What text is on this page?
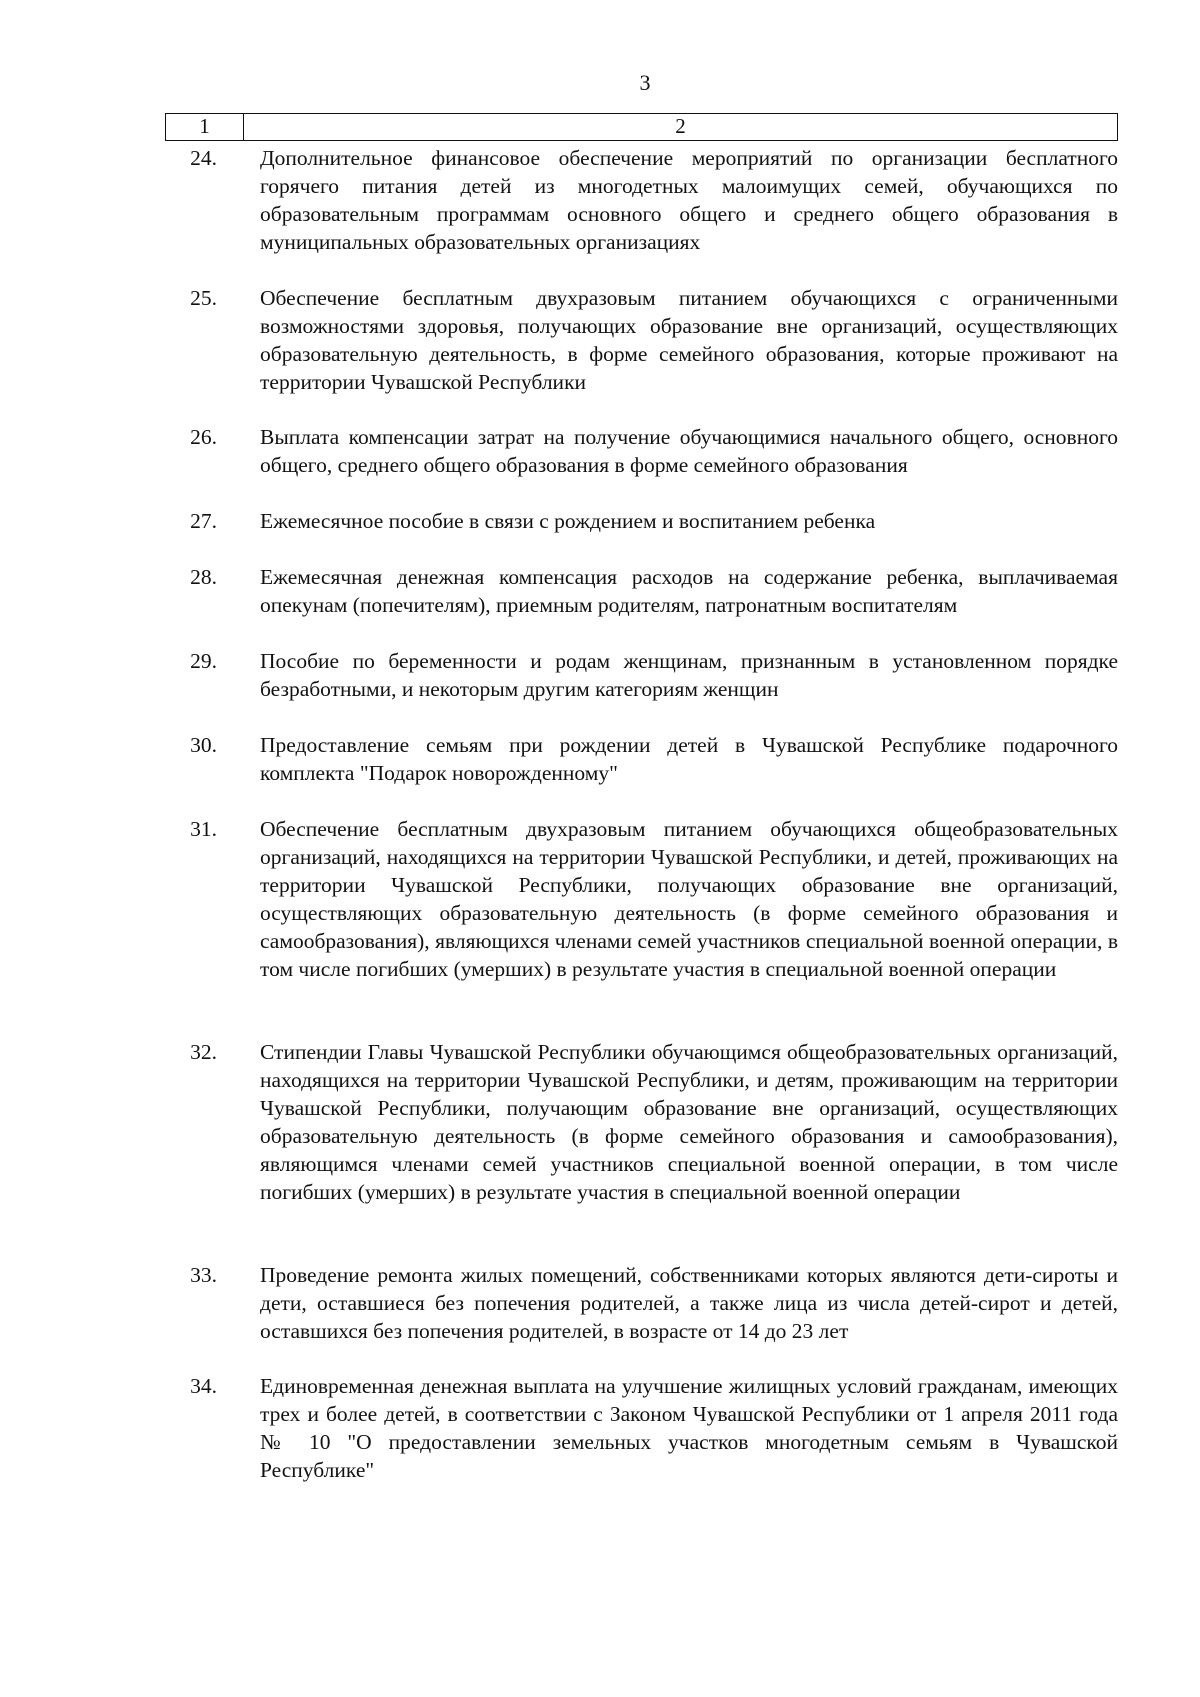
3
1	2
24.	Дополнительное финансовое обеспечение мероприятий по организации бесплатного горячего питания детей из многодетных малоимущих семей, обучающихся по образовательным программам основного общего и среднего общего образования в муниципальных образовательных организациях
25.	Обеспечение бесплатным двухразовым питанием обучающихся с ограниченными возможностями здоровья, получающих образование вне организаций, осуществляющих образовательную деятельность, в форме семейного образования, которые проживают на территории Чувашской Республики
26.	Выплата компенсации затрат на получение обучающимися начального общего, основного общего, среднего общего образования в форме семейного образования
27.	Ежемесячное пособие в связи с рождением и воспитанием ребенка
28.	Ежемесячная денежная компенсация расходов на содержание ребенка, выплачиваемая опекунам (попечителям), приемным родителям, патронатным воспитателям
29.	Пособие по беременности и родам женщинам, признанным в установленном порядке безработными, и некоторым другим категориям женщин
30.	Предоставление семьям при рождении детей в Чувашской Республике подарочного комплекта "Подарок новорожденному"
31.	Обеспечение бесплатным двухразовым питанием обучающихся общеобразовательных организаций, находящихся на территории Чувашской Республики, и детей, проживающих на территории Чувашской Республики, получающих образование вне организаций, осуществляющих образовательную деятельность (в форме семейного образования и самообразования), являющихся членами семей участников специальной военной операции, в том числе погибших (умерших) в результате участия в специальной военной операции
32.	Стипендии Главы Чувашской Республики обучающимся общеобразовательных организаций, находящихся на территории Чувашской Республики, и детям, проживающим на территории Чувашской Республики, получающим образование вне организаций, осуществляющих образовательную деятельность (в форме семейного образования и самообразования), являющимся членами семей участников специальной военной операции, в том числе погибших (умерших) в результате участия в специальной военной операции
33.	Проведение ремонта жилых помещений, собственниками которых являются дети-сироты и дети, оставшиеся без попечения родителей, а также лица из числа детей-сирот и детей, оставшихся без попечения родителей, в возрасте от 14 до 23 лет
34.	Единовременная денежная выплата на улучшение жилищных условий гражданам, имеющих трех и более детей, в соответствии с Законом Чувашской Республики от 1 апреля 2011 года № 10 "О предоставлении земельных участков многодетным семьям в Чувашской Республике"
